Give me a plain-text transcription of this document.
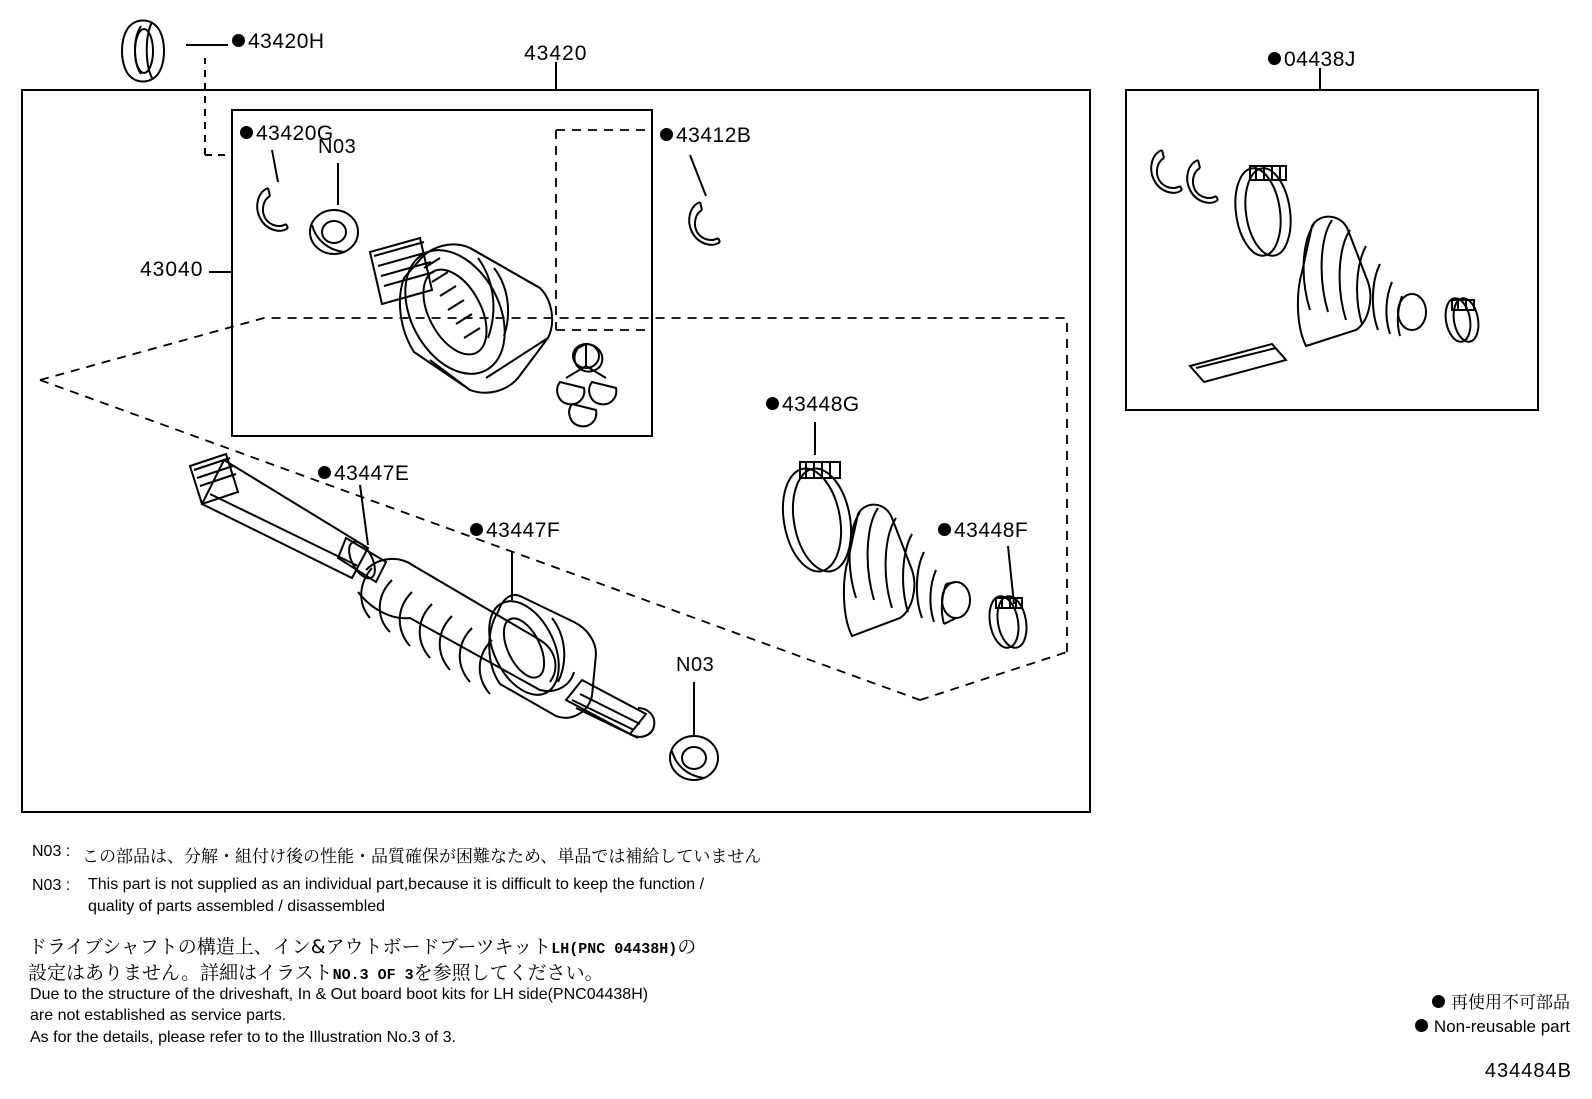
43420H
43420	04438J
43420G	43412B
N03
43040
43448G
43447E
43447F	43448F
N03
N03 : この部品は、分解・組付け後の性能・品質確保が困難なため、単品では補給していません
N03 : This part is not supplied as an individual part,because it is difficult to keep the function /
quality of parts assembled / disassembled
ドライブシャフトの構造上、イン&アウトボードブーツキットLH(PNC 04438H)の
設定はありません。詳細はイラストNO.3 OF 3を参照してください。
Due to the structure of the driveshaft, In & Out board boot kits for LH side(PNC04438H)
are not established as service parts.
As for the details, please refer to to the Illustration No.3 of 3.
再使用不可部品
Non-reusable part
434484B
